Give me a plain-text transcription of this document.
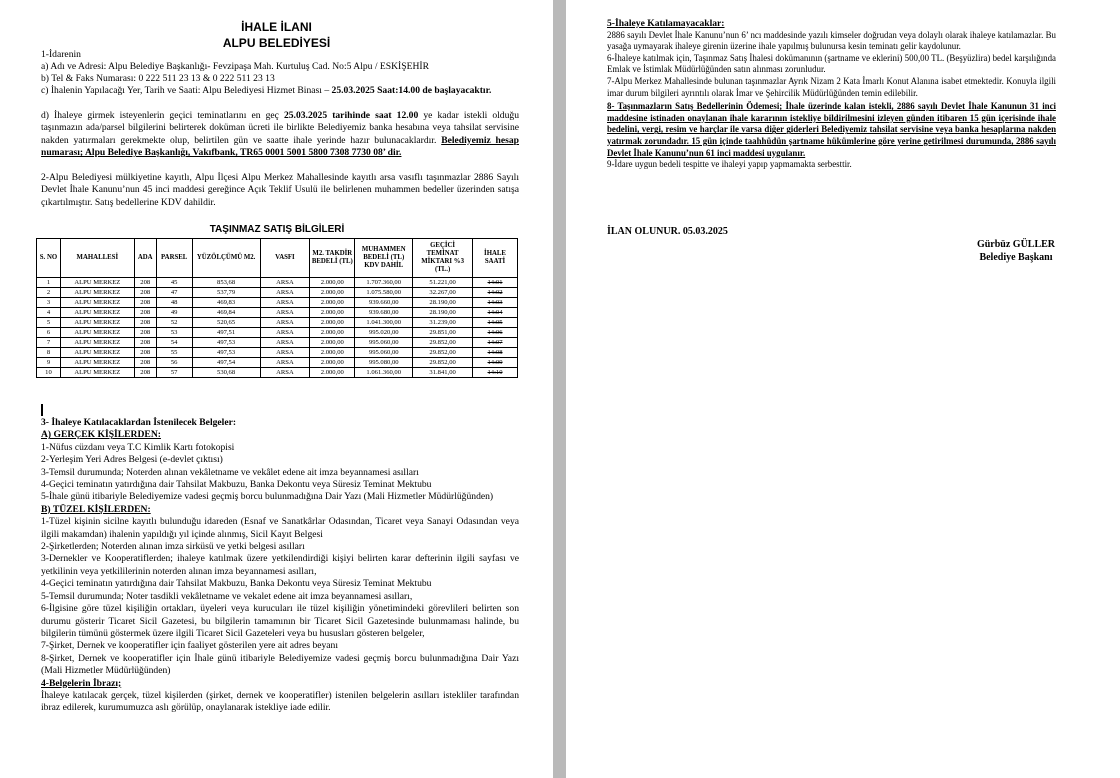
İHALE İLANI
ALPU BELEDİYESİ
1-İdarenin
a) Adı ve Adresi: Alpu Belediye Başkanlığı- Fevzipaşa Mah. Kurtuluş Cad. No:5 Alpu / ESKİŞEHİR
b) Tel & Faks Numarası: 0 222 511 23 13 & 0 222 511 23 13
c) İhalenin Yapılacağı Yer, Tarih ve Saati: Alpu Belediyesi Hizmet Binası – 25.03.2025 Saat:14.00 de başlayacaktır.
d) İhaleye girmek isteyenlerin geçici teminatlarını en geç 25.03.2025 tarihinde saat 12.00 ye kadar istekli olduğu taşınmazın ada/parsel bilgilerini belirterek doküman ücreti ile birlikte Belediyemiz banka hesabına veya tahsilat servisine nakden yatırmaları gerekmekte olup, belirtilen gün ve saatte ihale yerinde hazır bulunacaklardır. Belediyemiz hesap numarası; Alpu Belediye Başkanlığı, Vakıfbank, TR65 0001 5001 5800 7308 7730 08’ dir.
2-Alpu Belediyesi mülkiyetine kayıtlı, Alpu İlçesi Alpu Merkez Mahallesinde kayıtlı arsa vasıflı taşınmazlar 2886 Sayılı Devlet İhale Kanunu’nun 45 inci maddesi gereğince Açık Teklif Usulü ile belirlenen muhammen bedeller üzerinden satışa çıkartılmıştır. Satış bedellerine KDV dahildir.
TAŞINMAZ SATIŞ BİLGİLERİ
S. NO	MAHALLESİ	ADA	PARSEL	YÜZÖLÇÜMÜ M2.	VASFI	M2. TAKDİR BEDELİ (TL)	MUHAMMEN BEDELİ (TL) KDV DAHİL	GEÇİCİ TEMİNAT MİKTARI %3 (TL.)	İHALE SAATİ
1	ALPU MERKEZ	208	45	853,68	ARSA	2.000,00	1.707.360,00	51.221,00	14:01
2	ALPU MERKEZ	208	47	537,79	ARSA	2.000,00	1.075.580,00	32.267,00	14:02
3	ALPU MERKEZ	208	48	469,83	ARSA	2.000,00	939.660,00	28.190,00	14:03
4	ALPU MERKEZ	208	49	469,84	ARSA	2.000,00	939.680,00	28.190,00	14:04
5	ALPU MERKEZ	208	52	520,65	ARSA	2.000,00	1.041.300,00	31.239,00	14:05
6	ALPU MERKEZ	208	53	497,51	ARSA	2.000,00	995.020,00	29.851,00	14:06
7	ALPU MERKEZ	208	54	497,53	ARSA	2.000,00	995.060,00	29.852,00	14:07
8	ALPU MERKEZ	208	55	497,53	ARSA	2.000,00	995.060,00	29.852,00	14:08
9	ALPU MERKEZ	208	56	497,54	ARSA	2.000,00	995.080,00	29.852,00	14:09
10	ALPU MERKEZ	208	57	530,68	ARSA	2.000,00	1.061.360,00	31.841,00	14:10
3- İhaleye Katılacaklardan İstenilecek Belgeler:
A) GERÇEK KİŞİLERDEN:
1-Nüfus cüzdanı veya T.C Kimlik Kartı fotokopisi
2-Yerleşim Yeri Adres Belgesi (e-devlet çıktısı)
3-Temsil durumunda; Noterden alınan vekâletname ve vekâlet edene ait imza beyannamesi asılları
4-Geçici teminatın yatırdığına dair Tahsilat Makbuzu, Banka Dekontu veya Süresiz Teminat Mektubu
5-İhale günü itibariyle Belediyemize vadesi geçmiş borcu bulunmadığına Dair Yazı (Mali Hizmetler Müdürlüğünden)
B) TÜZEL KİŞİLERDEN:
1-Tüzel kişinin sicilne kayıtlı bulunduğu idareden (Esnaf ve Sanatkârlar Odasından, Ticaret veya Sanayi Odasından veya ilgili makamdan) ihalenin yapıldığı yıl içinde alınmış, Sicil Kayıt Belgesi
2-Şirketlerden; Noterden alınan imza sirküsü ve yetki belgesi asılları
3-Dernekler ve Kooperatiflerden; ihaleye katılmak üzere yetkilendirdiği kişiyi belirten karar defterinin ilgili sayfası ve yetkilinin veya yetkililerinin noterden alınan imza beyannamesi asılları,
4-Geçici teminatın yatırdığına dair Tahsilat Makbuzu, Banka Dekontu veya Süresiz Teminat Mektubu
5-Temsil durumunda; Noter tasdikli vekâletname ve vekalet edene ait imza beyannamesi asılları,
6-İlgisine göre tüzel kişiliğin ortakları, üyeleri veya kurucuları ile tüzel kişiliğin yönetimindeki görevlileri belirten son durumu gösterir Ticaret Sicil Gazetesi, bu bilgilerin tamamının bir Ticaret Sicil Gazetesinde bulunmaması halinde, bu bilgilerin tümünü göstermek üzere ilgili Ticaret Sicil Gazeteleri veya bu hususları gösteren belgeler,
7-Şirket, Dernek ve kooperatifler için faaliyet gösterilen yere ait adres beyanı
8-Şirket, Dernek ve kooperatifler için İhale günü itibariyle Belediyemize vadesi geçmiş borcu bulunmadığına Dair Yazı (Mali Hizmetler Müdürlüğünden)
4-Belgelerin İbrazı;
İhaleye katılacak gerçek, tüzel kişilerden (şirket, dernek ve kooperatifler) istenilen belgelerin asılları istekliler tarafından ibraz edilerek, kurumumuzca aslı görülüp, onaylanarak istekliye iade edilir.
5-İhaleye Katılamayacaklar:
2886 sayılı Devlet İhale Kanunu’nun 6’ ncı maddesinde yazılı kimseler doğrudan veya dolaylı olarak ihaleye katılamazlar. Bu yasağa uymayarak ihaleye girenin üzerine ihale yapılmış bulunursa kesin teminatı gelir kaydolunur.
6-İhaleye katılmak için, Taşınmaz Satış İhalesi dokümanının (şartname ve eklerini) 500,00 TL. (Beşyüzlira) bedel karşılığında Emlak ve İstimlak Müdürlüğünden satın alınması zorunludur.
7-Alpu Merkez Mahallesinde bulunan taşınmazlar Ayrık Nizam 2 Kata İmarlı Konut Alanına isabet etmektedir. Konuyla ilgili imar durum bilgileri ayrıntılı olarak İmar ve Şehircilik Müdürlüğünden temin edilebilir.
8- Taşınmazların Satış Bedellerinin Ödemesi; İhale üzerinde kalan istekli, 2886 sayılı Devlet İhale Kanunun 31 inci maddesine istinaden onaylanan ihale kararının istekliye bildirilmesini izleyen günden itibaren 15 gün içerisinde ihale bedelini, vergi, resim ve harçlar ile varsa diğer giderleri Belediyemiz tahsilat servisine veya banka hesaplarına nakden yatırmak zorundadır. 15 gün içinde taahhüdün şartname hükümlerine göre yerine getirilmesi durumunda, 2886 sayılı Devlet İhale Kanunu’nun 61 inci maddesi uygulanır.
9-İdare uygun bedeli tespitte ve ihaleyi yapıp yapmamakta serbesttir.
İLAN OLUNUR. 05.03.2025
Gürbüz GÜLLER
Belediye Başkanı
